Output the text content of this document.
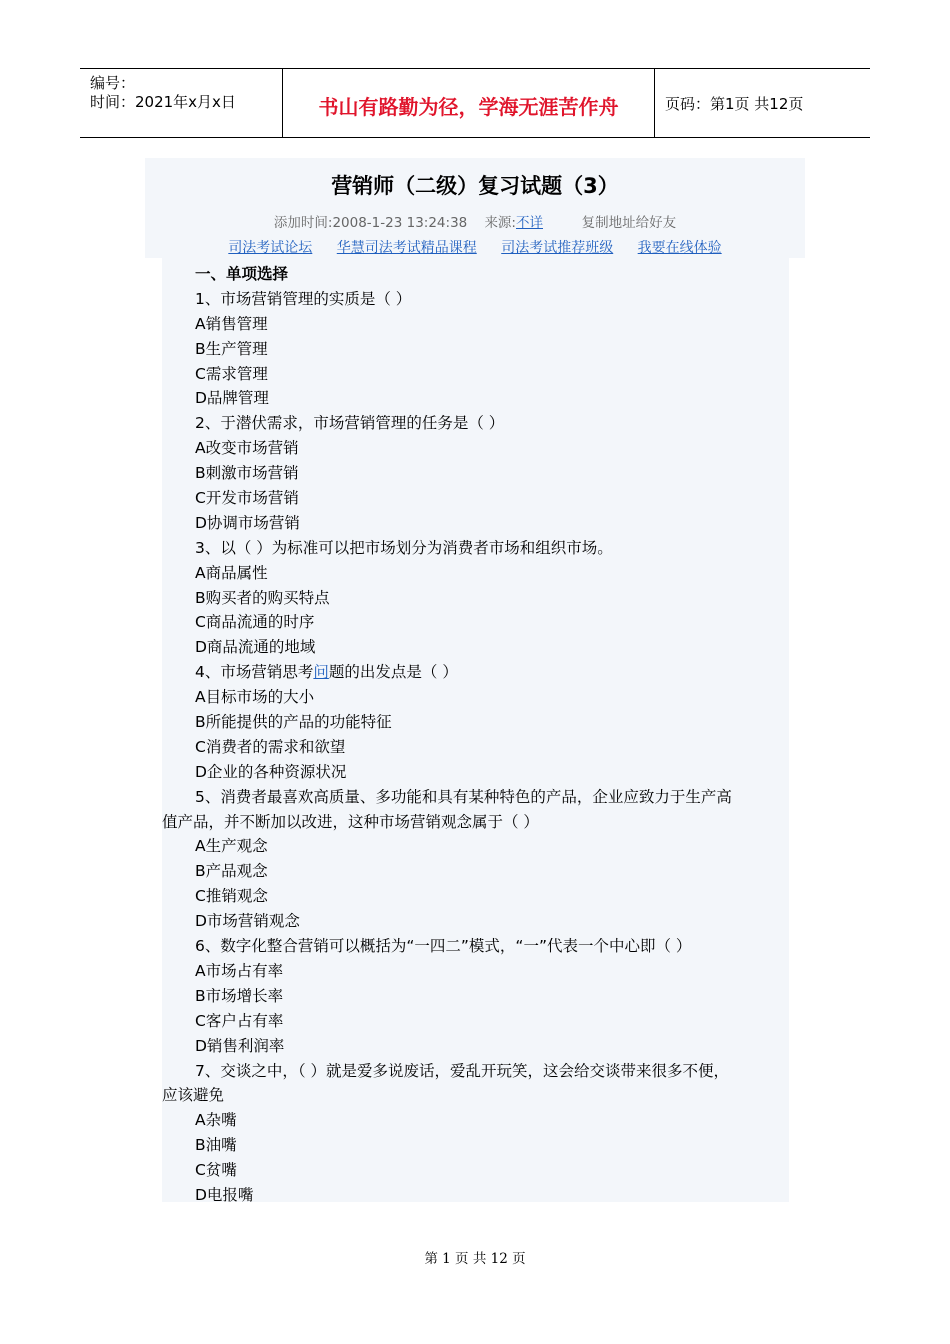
编号：
时间：2021年x月x日	书山有路勤为径，学海无涯苦作舟	页码：第1页 共12页
营销师（二级）复习试题（3）
添加时间:2008-1-23 13:24:38 来源:不详	复制地址给好友
司法考试论坛 华慧司法考试精品课程 司法考试推荐班级 我要在线体验
一、单项选择
1、市场营销管理的实质是（ ）
A销售管理
B生产管理
C需求管理
D品牌管理
2、于潜伏需求，市场营销管理的任务是（ ）
A改变市场营销
B刺激市场营销
C开发市场营销
D协调市场营销
3、以（ ）为标准可以把市场划分为消费者市场和组织市场。
A商品属性
B购买者的购买特点
C商品流通的时序
D商品流通的地域
4、市场营销思考问题的出发点是（ ）
A目标市场的大小
B所能提供的产品的功能特征
C消费者的需求和欲望
D企业的各种资源状况
5、消费者最喜欢高质量、多功能和具有某种特色的产品，企业应致力于生产高
值产品，并不断加以改进，这种市场营销观念属于（ ）
A生产观念
B产品观念
C推销观念
D市场营销观念
6、数字化整合营销可以概括为“一四二”模式，“一”代表一个中心即（ ）
A市场占有率
B市场增长率
C客户占有率
D销售利润率
7、交谈之中，（ ）就是爱多说废话，爱乱开玩笑，这会给交谈带来很多不便，
应该避免
A杂嘴
B油嘴
C贫嘴
D电报嘴
第 1 页 共 12 页
